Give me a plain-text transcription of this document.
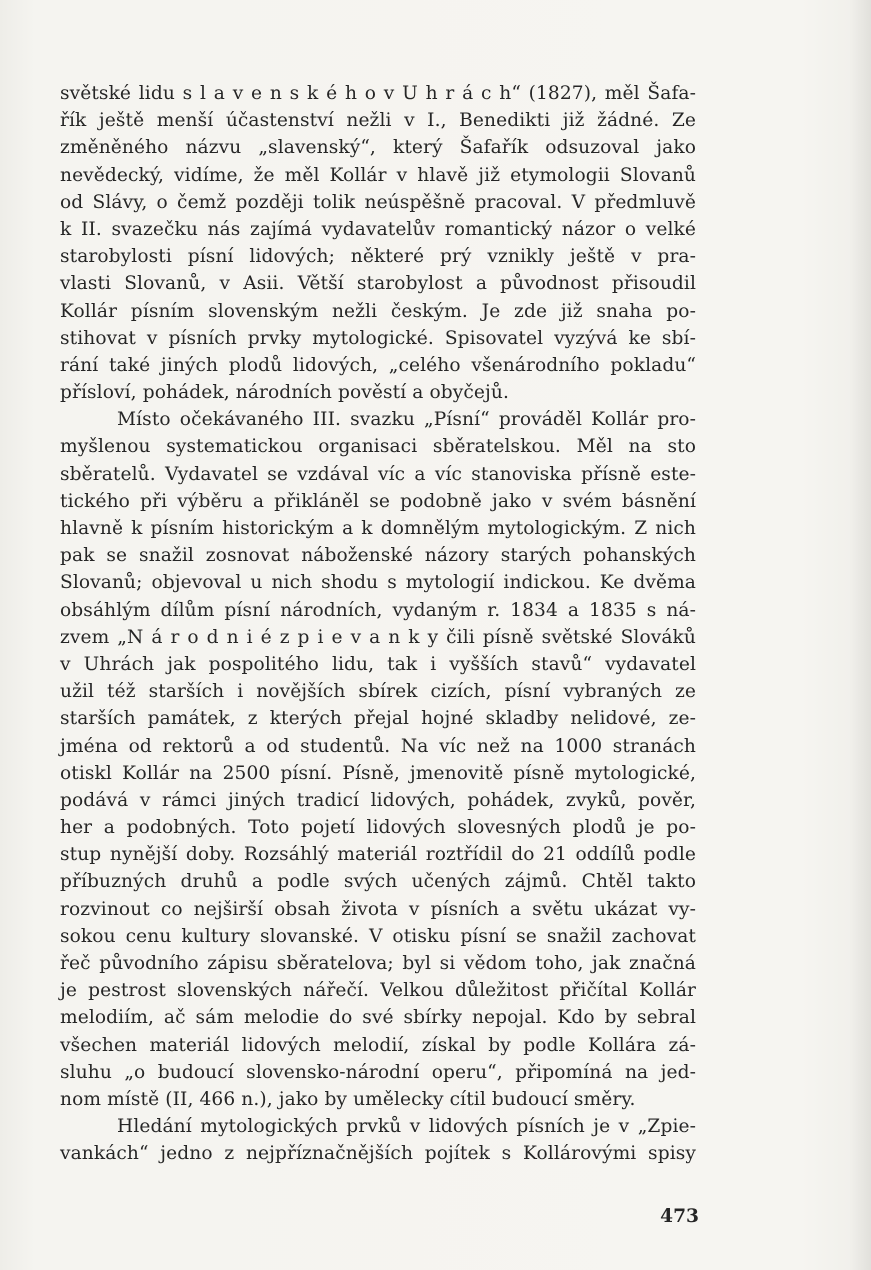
světské lidu s l a v e n s k é h o v U h r á c h“ (1827), měl Šafa-
řík ještě menší účastenství nežli v I., Benedikti již žádné. Ze
změněného názvu „slavenský“, který Šafařík odsuzoval jako
nevědecký, vidíme, že měl Kollár v hlavě již etymologii Slovanů
od Slávy, o čemž později tolik neúspěšně pracoval. V předmluvě
k II. svazečku nás zajímá vydavatelův romantický názor o velké
starobylosti písní lidových; některé prý vznikly ještě v pra-
vlasti Slovanů, v Asii. Větší starobylost a původnost přisoudil
Kollár písním slovenským nežli českým. Je zde již snaha po-
stihovat v písních prvky mytologické. Spisovatel vyzývá ke sbí-
rání také jiných plodů lidových, „celého všenárodního pokladu“
přísloví, pohádek, národních pověstí a obyčejů.
Místo očekávaného III. svazku „Písní“ prováděl Kollár pro-
myšlenou systematickou organisaci sběratelskou. Měl na sto
sběratelů. Vydavatel se vzdával víc a víc stanoviska přísně este-
tického při výběru a přikláněl se podobně jako v svém básnění
hlavně k písním historickým a k domnělým mytologickým. Z nich
pak se snažil zosnovat náboženské názory starých pohanských
Slovanů; objevoval u nich shodu s mytologií indickou. Ke dvěma
obsáhlým dílům písní národních, vydaným r. 1834 a 1835 s ná-
zvem „N á r o d n i é z p i e v a n k y čili písně světské Slováků
v Uhrách jak pospolitého lidu, tak i vyšších stavů“ vydavatel
užil též starších i novějších sbírek cizích, písní vybraných ze
starších památek, z kterých přejal hojné skladby nelidové, ze-
jména od rektorů a od studentů. Na víc než na 1000 stranách
otiskl Kollár na 2500 písní. Písně, jmenovitě písně mytologické,
podává v rámci jiných tradicí lidových, pohádek, zvyků, pověr,
her a podobných. Toto pojetí lidových slovesných plodů je po-
stup nynější doby. Rozsáhlý materiál roztřídil do 21 oddílů podle
příbuzných druhů a podle svých učených zájmů. Chtěl takto
rozvinout co nejširší obsah života v písních a světu ukázat vy-
sokou cenu kultury slovanské. V otisku písní se snažil zachovat
řeč původního zápisu sběratelova; byl si vědom toho, jak značná
je pestrost slovenských nářečí. Velkou důležitost přičítal Kollár
melodiím, ač sám melodie do své sbírky nepojal. Kdo by sebral
všechen materiál lidových melodií, získal by podle Kollára zá-
sluhu „o budoucí slovensko-národní operu“, připomíná na jed-
nom místě (II, 466 n.), jako by umělecky cítil budoucí směry.
Hledání mytologických prvků v lidových písních je v „Zpie-
vankách“ jedno z nejpříznačnějších pojítek s Kollárovými spisy
473
